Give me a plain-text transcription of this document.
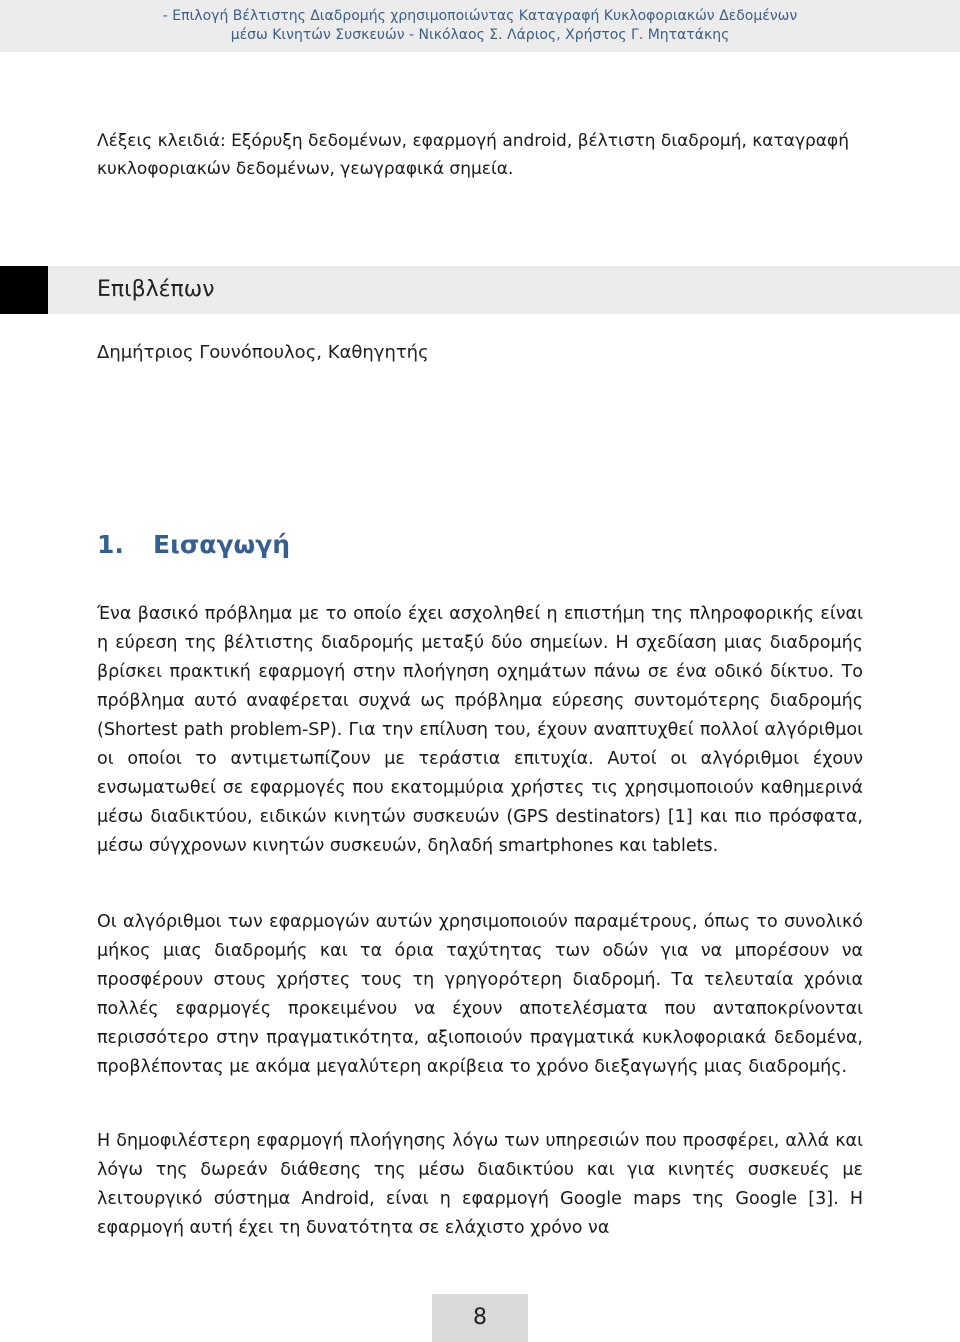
- Επιλογή Βέλτιστης Διαδρομής χρησιμοποιώντας Καταγραφή Κυκλοφοριακών Δεδομένων
μέσω Κινητών Συσκευών - Νικόλαος Σ. Λάριος, Χρήστος Γ. Μητατάκης
Λέξεις κλειδιά: Εξόρυξη δεδομένων, εφαρμογή android, βέλτιστη διαδρομή, καταγραφή κυκλοφοριακών δεδομένων, γεωγραφικά σημεία.
Επιβλέπων
Δημήτριος Γουνόπουλος, Καθηγητής
1. Εισαγωγή
Ένα βασικό πρόβλημα με το οποίο έχει ασχοληθεί η επιστήμη της πληροφορικής είναι η εύρεση της βέλτιστης διαδρομής μεταξύ δύο σημείων. Η σχεδίαση μιας διαδρομής βρίσκει πρακτική εφαρμογή στην πλοήγηση οχημάτων πάνω σε ένα οδικό δίκτυο. Το πρόβλημα αυτό αναφέρεται συχνά ως πρόβλημα εύρεσης συντομότερης διαδρομής (Shortest path problem-SP). Για την επίλυση του, έχουν αναπτυχθεί πολλοί αλγόριθμοι οι οποίοι το αντιμετωπίζουν με τεράστια επιτυχία. Αυτοί οι αλγόριθμοι έχουν ενσωματωθεί σε εφαρμογές που εκατομμύρια χρήστες τις χρησιμοποιούν καθημερινά μέσω διαδικτύου, ειδικών κινητών συσκευών (GPS destinators) [1] και πιο πρόσφατα, μέσω σύγχρονων κινητών συσκευών, δηλαδή smartphones και tablets.
Οι αλγόριθμοι των εφαρμογών αυτών χρησιμοποιούν παραμέτρους, όπως το συνολικό μήκος μιας διαδρομής και τα όρια ταχύτητας των οδών για να μπορέσουν να προσφέρουν στους χρήστες τους τη γρηγορότερη διαδρομή. Τα τελευταία χρόνια πολλές εφαρμογές προκειμένου να έχουν αποτελέσματα που ανταποκρίνονται περισσότερο στην πραγματικότητα, αξιοποιούν πραγματικά κυκλοφοριακά δεδομένα, προβλέποντας με ακόμα μεγαλύτερη ακρίβεια το χρόνο διεξαγωγής μιας διαδρομής.
Η δημοφιλέστερη εφαρμογή πλοήγησης λόγω των υπηρεσιών που προσφέρει, αλλά και λόγω της δωρεάν διάθεσης της μέσω διαδικτύου και για κινητές συσκευές με λειτουργικό σύστημα Android, είναι η εφαρμογή Google maps της Google [3]. Η εφαρμογή αυτή έχει τη δυνατότητα σε ελάχιστο χρόνο να
8
